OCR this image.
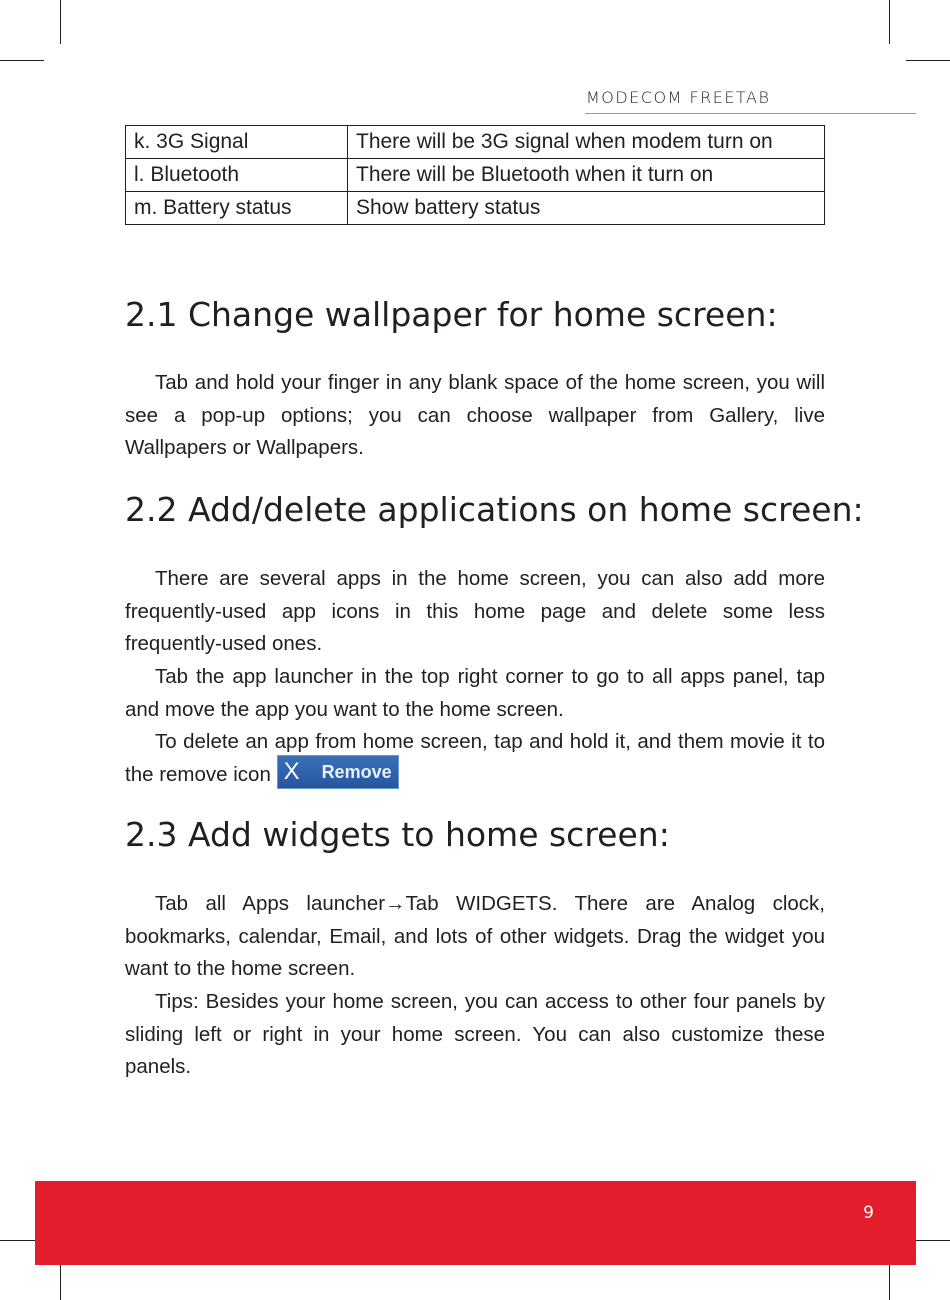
MODECOM FREETAB
k. 3G Signal	There will be 3G signal when modem turn on
l. Bluetooth	There will be Bluetooth when it turn on
m. Battery status	Show battery status
2.1 Change wallpaper for home screen:

Tab and hold your finger in any blank space of the home screen, you will see a pop-up options; you can choose wallpaper from Gallery, live Wallpapers or Wallpapers.

2.2 Add/delete applications on home screen:

There are several apps in the home screen, you can also add more frequently-used app icons in this home page and delete some less frequently-used ones.

Tab the app launcher in the top right corner to go to all apps panel, tap and move the app you want to the home screen.

To delete an app from home screen, tap and hold it, and them movie it to the remove icon X Remove

2.3 Add widgets to home screen:

Tab all Apps launcher→Tab WIDGETS. There are Analog clock, bookmarks, calendar, Email, and lots of other widgets. Drag the widget you want to the home screen.

Tips: Besides your home screen, you can access to other four panels by sliding left or right in your home screen. You can also customize these panels.

9
